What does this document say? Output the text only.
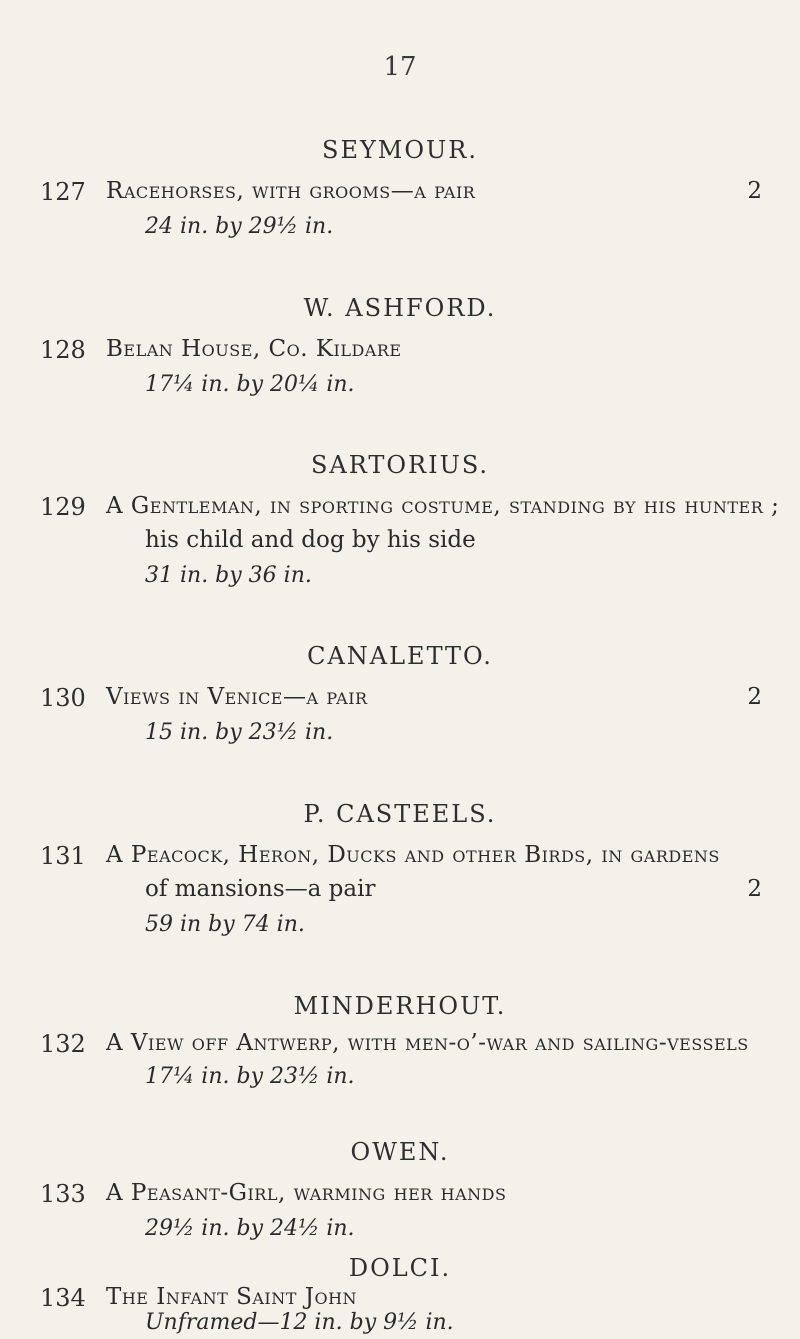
17
SEYMOUR.
127 Racehorses, with grooms—a pair	2
24 in. by 29½ in.
W. ASHFORD.
128 Belan House, Co. Kildare
17¼ in. by 20¼ in.
SARTORIUS.
129 A Gentleman, in sporting costume, standing by his hunter ;
his child and dog by his side
31 in. by 36 in.
CANALETTO.
130 Views in Venice—a pair	2
15 in. by 23½ in.
P. CASTEELS.
131 A Peacock, Heron, Ducks and other Birds, in gardens
of mansions—a pair	2
59 in by 74 in.
MINDERHOUT.
132 A View off Antwerp, with men-o’-war and sailing-vessels
17¼ in. by 23½ in.
OWEN.
133 A Peasant-Girl, warming her hands
29½ in. by 24½ in.
DOLCI.
134 The Infant Saint John
Unframed—12 in. by 9½ in.
